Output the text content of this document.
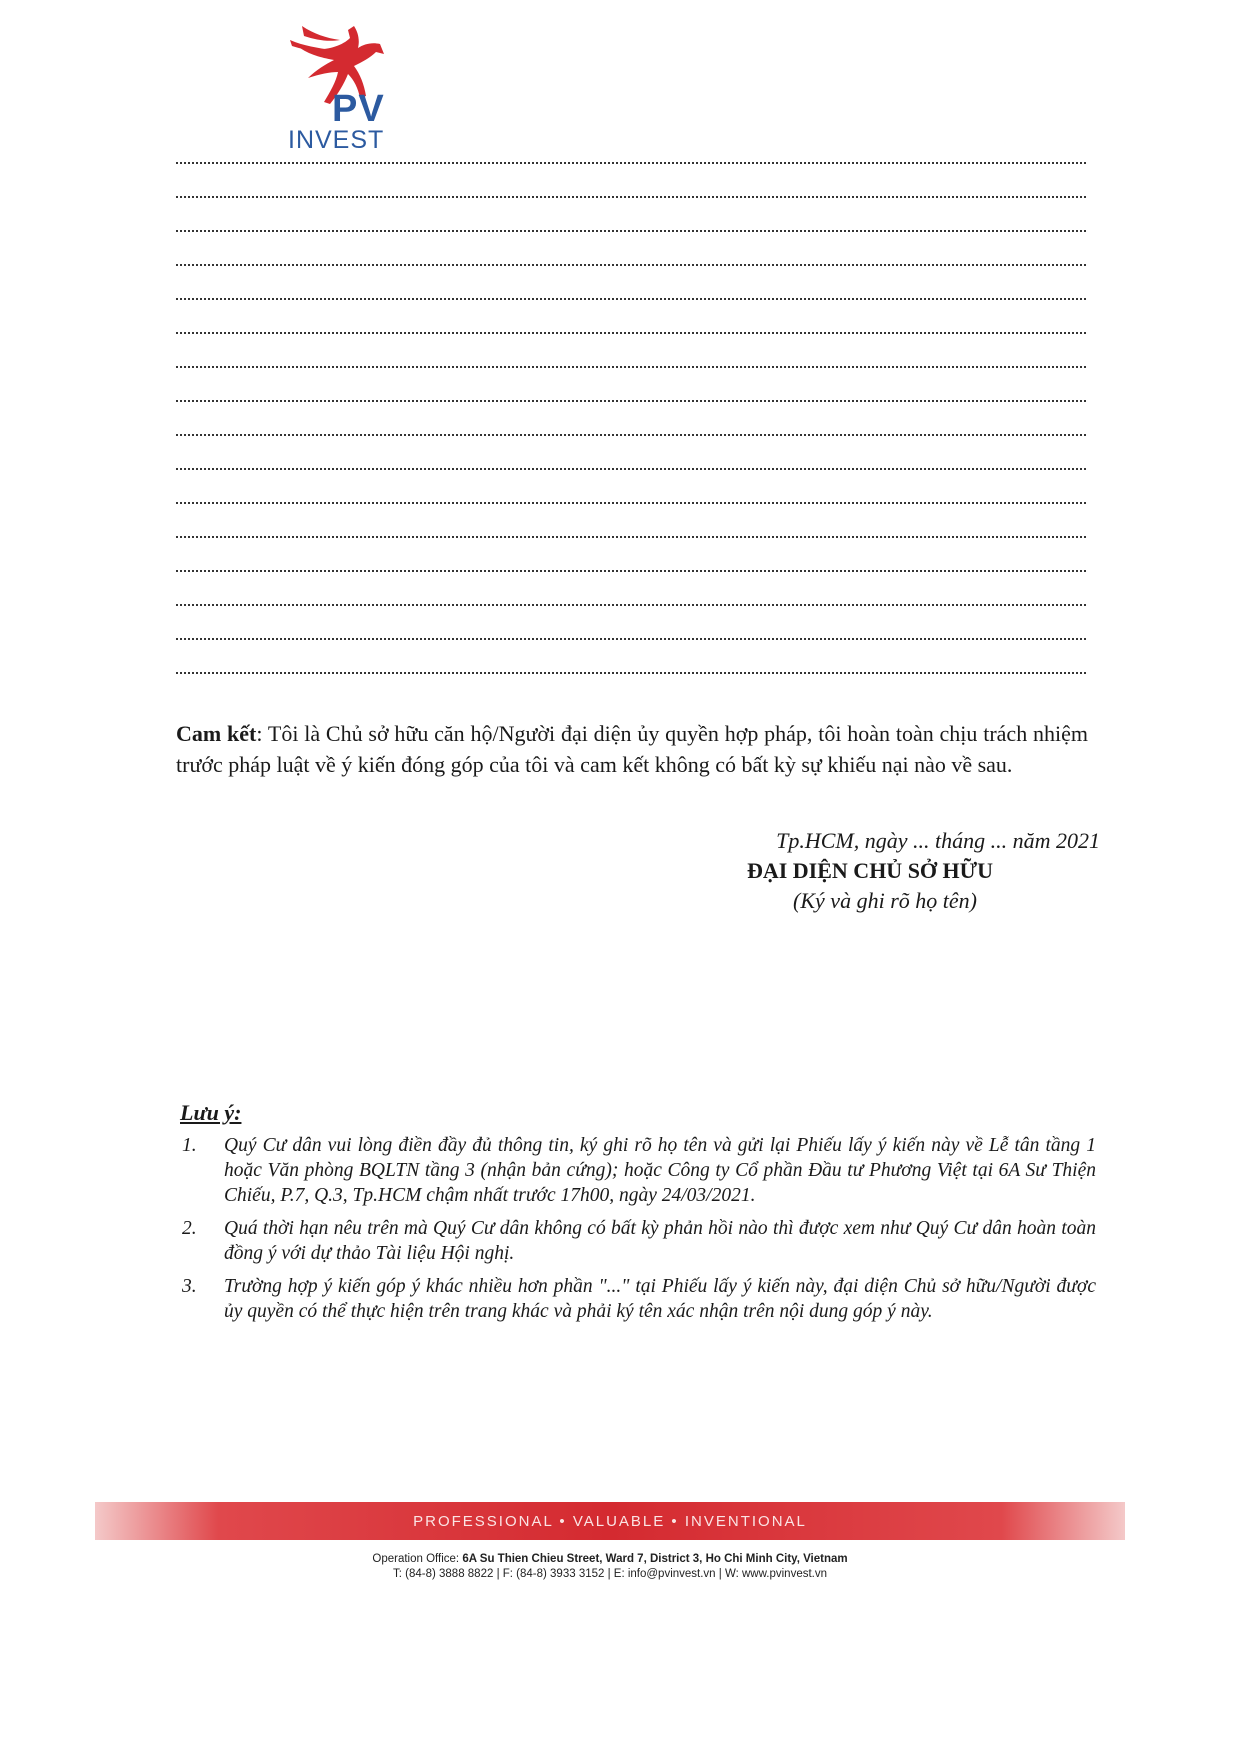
PV
INVEST
Cam kết: Tôi là Chủ sở hữu căn hộ/Người đại diện ủy quyền hợp pháp, tôi hoàn toàn chịu trách nhiệm trước pháp luật về ý kiến đóng góp của tôi và cam kết không có bất kỳ sự khiếu nại nào về sau.
Tp.HCM, ngày ... tháng ... năm 2021
ĐẠI DIỆN CHỦ SỞ HỮU
(Ký và ghi rõ họ tên)
Lưu ý:
1.	Quý Cư dân vui lòng điền đầy đủ thông tin, ký ghi rõ họ tên và gửi lại Phiếu lấy ý kiến này về Lễ tân tầng 1 hoặc Văn phòng BQLTN tầng 3 (nhận bản cứng); hoặc Công ty Cổ phần Đầu tư Phương Việt tại 6A Sư Thiện Chiếu, P.7, Q.3, Tp.HCM chậm nhất trước 17h00, ngày 24/03/2021.
2.	Quá thời hạn nêu trên mà Quý Cư dân không có bất kỳ phản hồi nào thì được xem như Quý Cư dân hoàn toàn đồng ý với dự thảo Tài liệu Hội nghị.
3.	Trường hợp ý kiến góp ý khác nhiều hơn phần "..." tại Phiếu lấy ý kiến này, đại diện Chủ sở hữu/Người được ủy quyền có thể thực hiện trên trang khác và phải ký tên xác nhận trên nội dung góp ý này.
PROFESSIONAL • VALUABLE • INVENTIONAL
Operation Office: 6A Su Thien Chieu Street, Ward 7, District 3, Ho Chi Minh City, Vietnam
T: (84-8) 3888 8822 | F: (84-8) 3933 3152 | E: info@pvinvest.vn | W: www.pvinvest.vn
